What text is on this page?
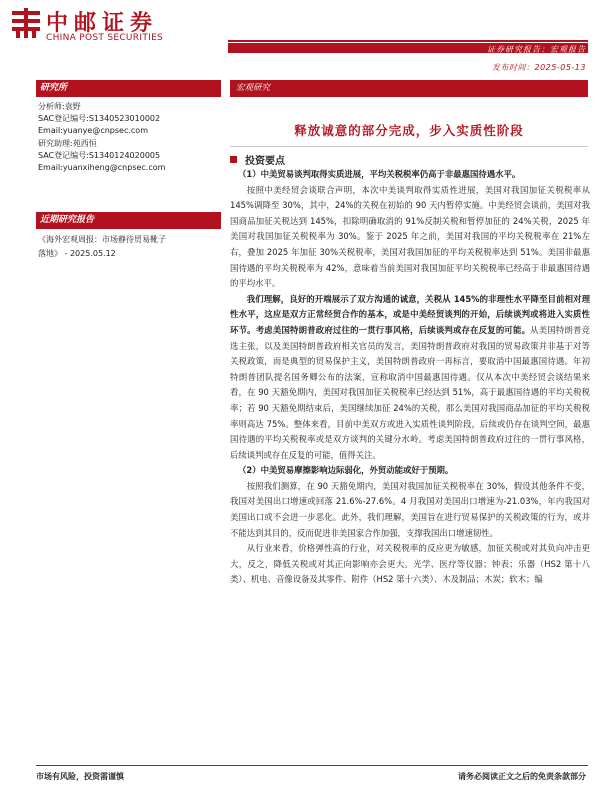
中邮证券
CHINA POST SECURITIES
证券研究报告：宏观报告
发布时间：2025-05-13
研究所
分析师:袁野
SAC登记编号:S1340523010002
Email:yuanye@cnpsec.com
研究助理:苑西恒
SAC登记编号:S1340124020005
Email:yuanxiheng@cnpsec.com
近期研究报告
《海外宏观周报：市场静待贸易靴子
落地》 - 2025.05.12
宏观研究
释放诚意的部分完成，步入实质性阶段
投资要点

（1）中美贸易谈判取得实质进展，平均关税税率仍高于非最惠国待遇水平。

按照中美经贸会谈联合声明，本次中美谈判取得实质性进展，美国对我国加征关税税率从 145%调降至 30%，其中，24%的关税在初始的 90 天内暂停实施。中美经贸会谈前，美国对我国商品加征关税达到 145%，扣除明确取消的 91%反制关税和暂停加征的 24%关税，2025 年美国对我国加征关税税率为 30%。鉴于 2025 年之前，美国对我国的平均关税税率在 21%左右，叠加 2025 年加征 30%关税税率，美国对我国加征的平均关税税率达到 51%。美国非最惠国待遇的平均关税税率为 42%，意味着当前美国对我国加征平均关税税率已经高于非最惠国待遇的平均水平。

我们理解，良好的开端展示了双方沟通的诚意，关税从 145%的非理性水平降至目前相对理性水平，这应是双方正常经贸合作的基本，或是中美经贸谈判的开始，后续谈判或将进入实质性环节。考虑美国特朗普政府过往的一贯行事风格，后续谈判或存在反复的可能。从美国特朗普竞选主张，以及美国特朗普政府相关官员的发言，美国特朗普政府对我国的贸易政策并非基于对等关税政策，而是典型的贸易保护主义，美国特朗普政府一再标言，要取消中国最惠国待遇。年初特朗普团队提名国务卿公布的法案，宣称取消中国最惠国待遇。仅从本次中美经贸会谈结果来看，在 90 天豁免期内，美国对我国加征关税税率已经达到 51%，高于最惠国待遇的平均关税税率；若 90 天豁免期结束后，美国继续加征 24%的关税，那么美国对我国商品加征的平均关税税率则高达 75%。整体来看，目前中美双方或进入实质性谈判阶段，后续或仍存在谈判空间，最惠国待遇的平均关税税率或是双方谈判的关键分水岭。考虑美国特朗普政府过往的一贯行事风格，后续谈判或存在反复的可能，值得关注。

（2）中美贸易摩擦影响边际弱化，外贸动能或好于预期。

按照我们测算，在 90 天豁免期内，美国对我国加征关税税率在 30%，假设其他条件不变，我国对美国出口增速或回落 21.6%-27.6%。4 月我国对美国出口增速为-21.03%，年内我国对美国出口或不会进一步恶化。此外，我们理解，美国旨在进行贸易保护的关税政策的行为，或并不能达到其目的，反而促进非美国家合作加强，支撑我国出口增速韧性。

从行业来看，价格弹性高的行业，对关税税率的反应更为敏感，加征关税或对其负向冲击更大，反之，降低关税或对其正向影响亦会更大。光学、医疗等仪器；钟表；乐器（HS2 第十八类）、机电、音像设备及其零件、附件（HS2 第十六类）、木及制品；木炭；软木；编

市场有风险，投资需谨慎	请务必阅读正文之后的免责条款部分
